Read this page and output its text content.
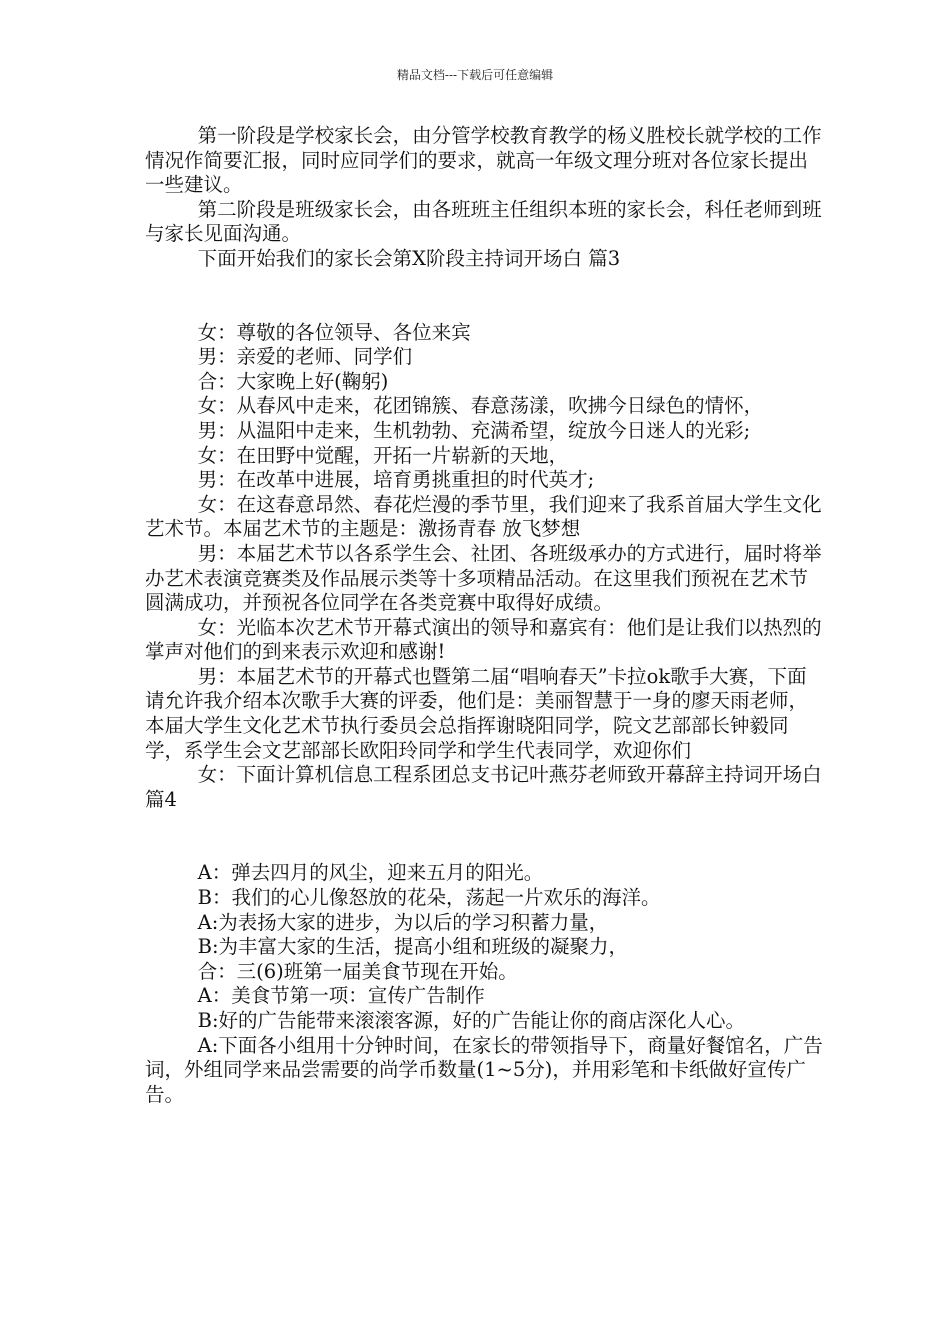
精品文档---下载后可任意编辑

第一阶段是学校家长会，由分管学校教育教学的杨义胜校长就学校的工作情况作简要汇报，同时应同学们的要求，就高一年级文理分班对各位家长提出一些建议。

第二阶段是班级家长会，由各班班主任组织本班的家长会，科任老师到班与家长见面沟通。

下面开始我们的家长会第X阶段主持词开场白 篇3

女：尊敬的各位领导、各位来宾

男：亲爱的老师、同学们

合：大家晚上好(鞠躬)

女：从春风中走来，花团锦簇、春意荡漾，吹拂今日绿色的情怀，

男：从温阳中走来，生机勃勃、充满希望，绽放今日迷人的光彩;

女：在田野中觉醒，开拓一片崭新的天地，

男：在改革中进展，培育勇挑重担的时代英才;

女：在这春意昂然、春花烂漫的季节里，我们迎来了我系首届大学生文化艺术节。本届艺术节的主题是：激扬青春 放飞梦想

男：本届艺术节以各系学生会、社团、各班级承办的方式进行，届时将举办艺术表演竞赛类及作品展示类等十多项精品活动。在这里我们预祝在艺术节圆满成功，并预祝各位同学在各类竞赛中取得好成绩。

女：光临本次艺术节开幕式演出的领导和嘉宾有：他们是让我们以热烈的掌声对他们的到来表示欢迎和感谢!

男：本届艺术节的开幕式也暨第二届“唱响春天”卡拉ok歌手大赛，下面请允许我介绍本次歌手大赛的评委，他们是：美丽智慧于一身的廖天雨老师，本届大学生文化艺术节执行委员会总指挥谢晓阳同学，院文艺部部长钟毅同学，系学生会文艺部部长欧阳玲同学和学生代表同学，欢迎你们

女：下面计算机信息工程系团总支书记叶燕芬老师致开幕辞主持词开场白 篇4

A：弹去四月的风尘，迎来五月的阳光。

B：我们的心儿像怒放的花朵，荡起一片欢乐的海洋。

A:为表扬大家的进步，为以后的学习积蓄力量，

B:为丰富大家的生活，提高小组和班级的凝聚力，

合：三(6)班第一届美食节现在开始。

A：美食节第一项：宣传广告制作

B:好的广告能带来滚滚客源，好的广告能让你的商店深化人心。

A:下面各小组用十分钟时间，在家长的带领指导下，商量好餐馆名，广告词，外组同学来品尝需要的尚学币数量(1~5分)，并用彩笔和卡纸做好宣传广告。
